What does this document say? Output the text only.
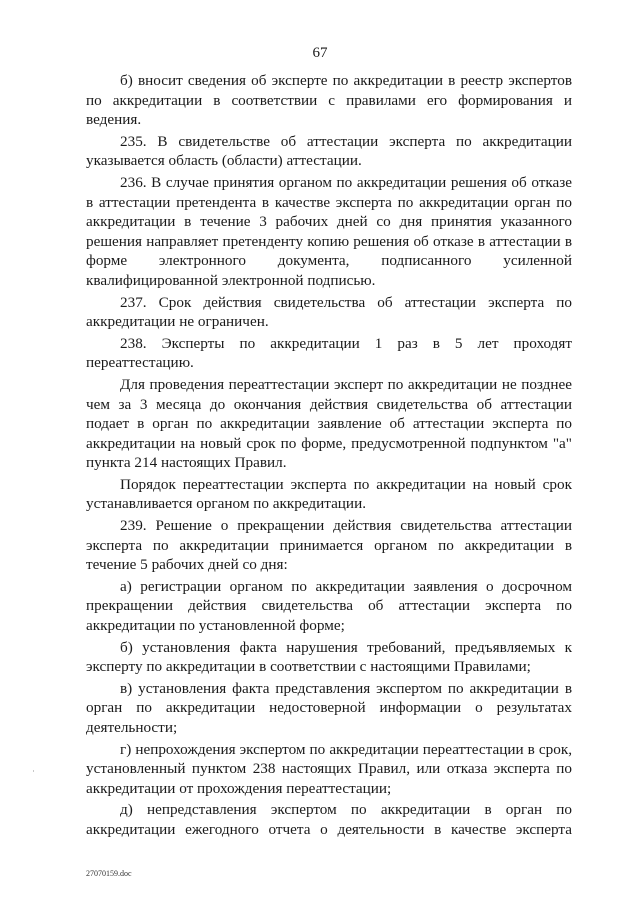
67

б) вносит сведения об эксперте по аккредитации в реестр экспертов по аккредитации в соответствии с правилами его формирования и ведения.

235. В свидетельстве об аттестации эксперта по аккредитации указывается область (области) аттестации.

236. В случае принятия органом по аккредитации решения об отказе в аттестации претендента в качестве эксперта по аккредитации орган по аккредитации в течение 3 рабочих дней со дня принятия указанного решения направляет претенденту копию решения об отказе в аттестации в форме электронного документа, подписанного усиленной квалифицированной электронной подписью.

237. Срок действия свидетельства об аттестации эксперта по аккредитации не ограничен.

238. Эксперты по аккредитации 1 раз в 5 лет проходят переаттестацию.

Для проведения переаттестации эксперт по аккредитации не позднее чем за 3 месяца до окончания действия свидетельства об аттестации подает в орган по аккредитации заявление об аттестации эксперта по аккредитации на новый срок по форме, предусмотренной подпунктом "а" пункта 214 настоящих Правил.

Порядок переаттестации эксперта по аккредитации на новый срок устанавливается органом по аккредитации.

239. Решение о прекращении действия свидетельства аттестации эксперта по аккредитации принимается органом по аккредитации в течение 5 рабочих дней со дня:

а) регистрации органом по аккредитации заявления о досрочном прекращении действия свидетельства об аттестации эксперта по аккредитации по установленной форме;

б) установления факта нарушения требований, предъявляемых к эксперту по аккредитации в соответствии с настоящими Правилами;

в) установления факта представления экспертом по аккредитации в орган по аккредитации недостоверной информации о результатах деятельности;

г) непрохождения экспертом по аккредитации переаттестации в срок, установленный пунктом 238 настоящих Правил, или отказа эксперта по аккредитации от прохождения переаттестации;

д) непредставления экспертом по аккредитации в орган по аккредитации ежегодного отчета о деятельности в качестве эксперта

27070159.doc
